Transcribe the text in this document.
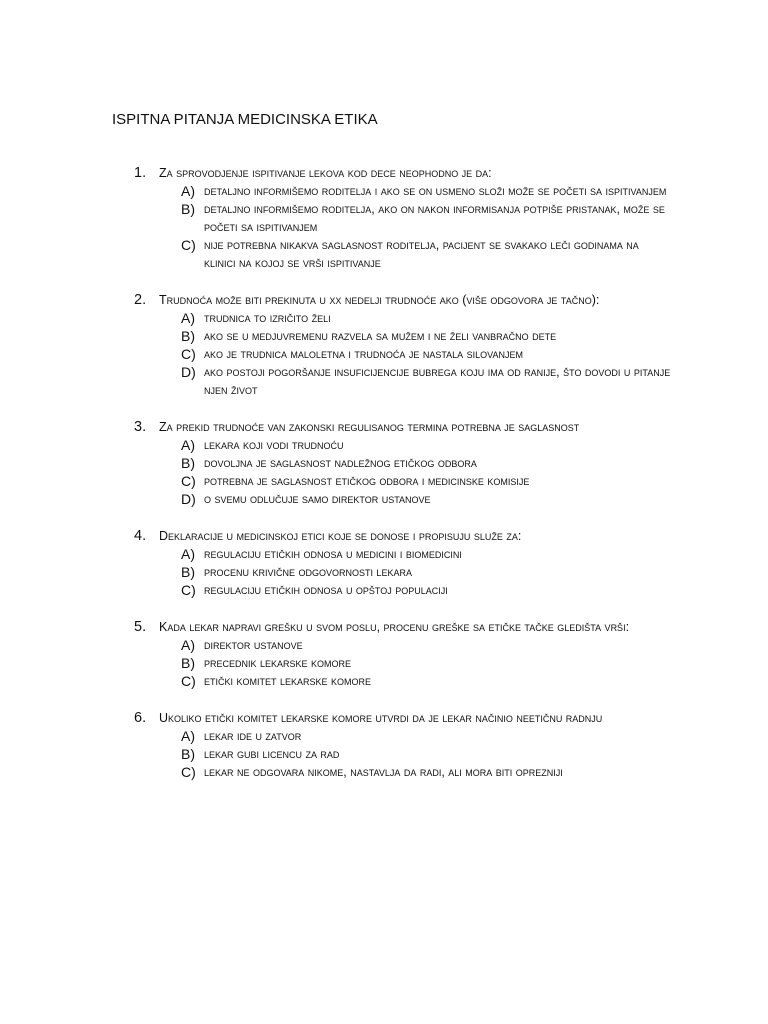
ISPITNA PITANJA MEDICINSKA ETIKA
1. za sprovodjenje ispitivanje lekova kod dece neophodno je da:
A) detaljno informišemo roditelja i ako se on usmeno složi može se početi sa ispitivanjem
B) detaljno informišemo roditelja, ako on nakon informisanja potpiše pristanak, može se početi sa ispitivanjem
C) nije potrebna nikakva saglasnost roditelja, pacijent se svakako leči godinama na klinici na kojoj se vrši ispitivanje
2. trudnoća može biti prekinuta u xx nedelji trudnoće ako (više odgovora je tačno):
A) trudnica to izričito želi
B) ako se u medjuvremenu razvela sa mužem i ne želi vanbračno dete
C) ako je trudnica maloletna i trudnoća je nastala silovanjem
D) ako postoji pogoršanje insuficijencije bubrega koju ima od ranije, što dovodi u pitanje njen život
3. za prekid trudnoće van zakonski regulisanog termina potrebna je saglasnost
A) lekara koji vodi trudnoću
B) dovoljna je saglasnost nadležnog etičkog odbora
C) potrebna je saglasnost etičkog odbora i medicinske komisije
D) o svemu odlučuje samo direktor ustanove
4. deklaracije u medicinskoj etici koje se donose i propisuju služe za:
A) regulaciju etičkih odnosa u medicini i biomedicini
B) procenu krivične odgovornosti lekara
C) regulaciju etičkih odnosa u opštoj populaciji
5. kada lekar napravi grešku u svom poslu, procenu greške sa etičke tačke gledišta vrši:
A) direktor ustanove
B) precednik lekarske komore
C) etički komitet lekarske komore
6. ukoliko etički komitet lekarske komore utvrdi da je lekar načinio neetičnu radnju
A) lekar ide u zatvor
B) lekar gubi licencu za rad
C) lekar ne odgovara nikome, nastavlja da radi, ali mora biti oprezniji
